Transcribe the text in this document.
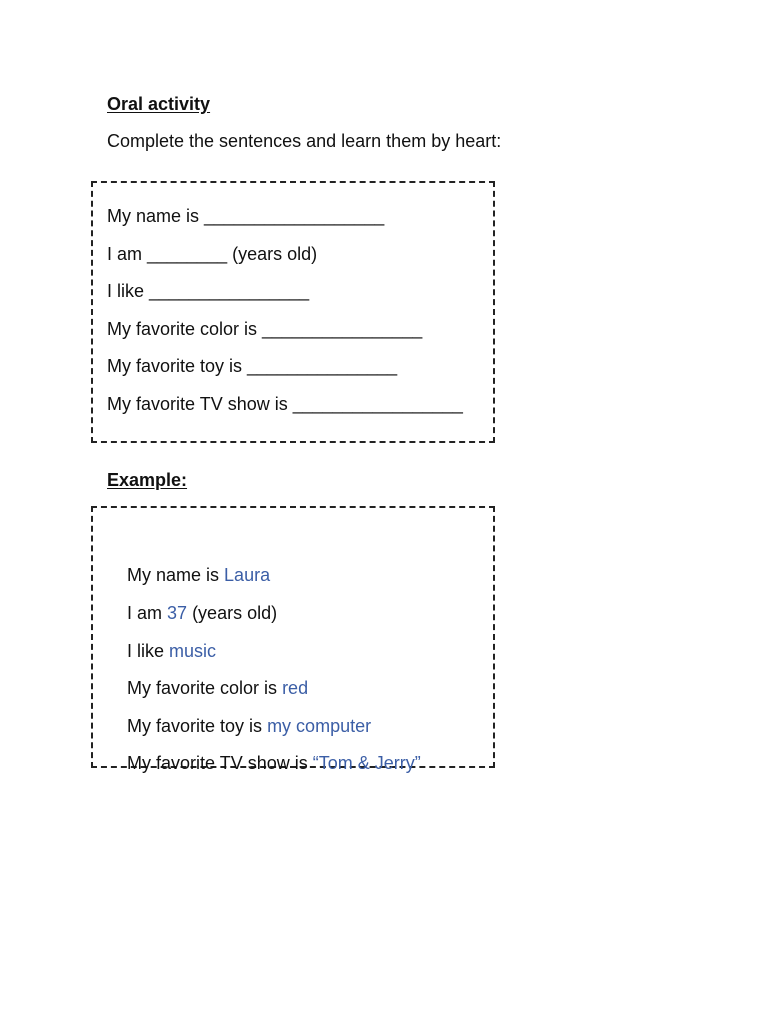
Oral activity
Complete the sentences and learn them by heart:
My name is __________________
I am ________ (years old)
I like ________________
My favorite color is ________________
My favorite toy is _______________
My favorite TV show is _________________
Example:

My name is Laura

I am 37 (years old)

I like music

My favorite color is red

My favorite toy is my computer

My favorite TV show is “Tom & Jerry”
